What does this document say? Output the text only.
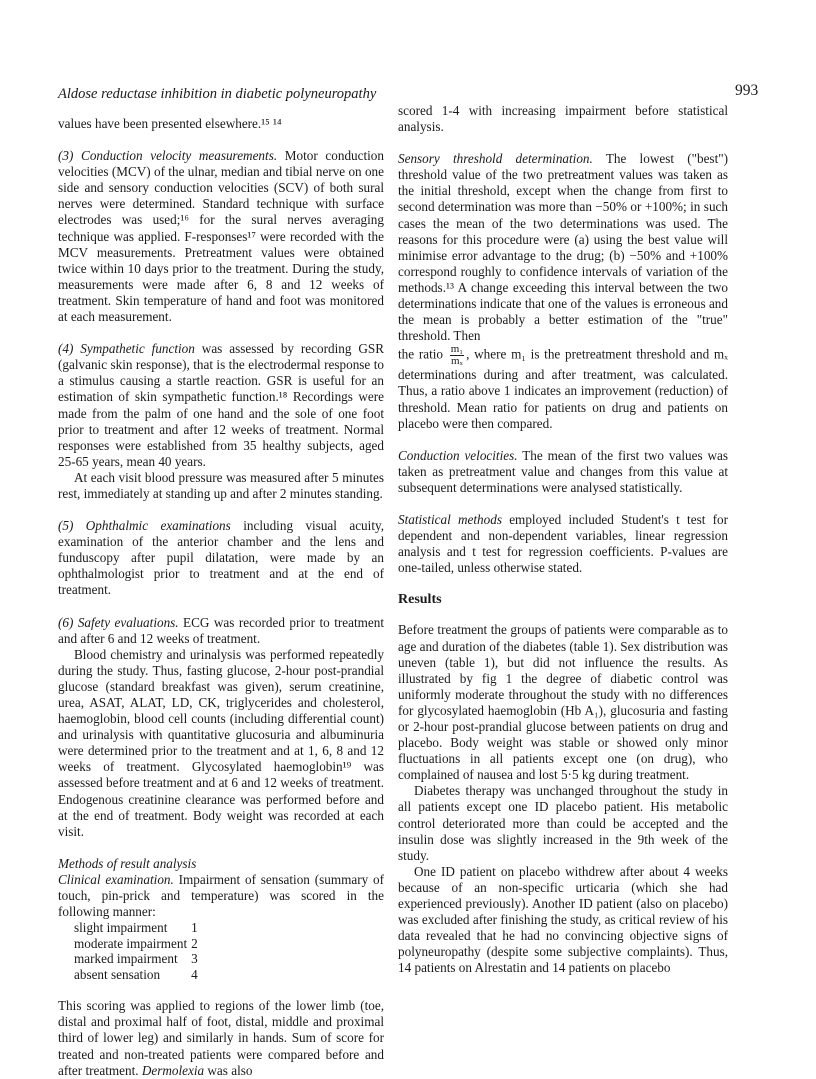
Aldose reductase inhibition in diabetic polyneuropathy	993

values have been presented elsewhere.¹⁵ ¹⁴

(3) Conduction velocity measurements. Motor conduction velocities (MCV) of the ulnar, median and tibial nerve on one side and sensory conduction velocities (SCV) of both sural nerves were determined. Standard technique with surface electrodes was used;¹⁶ for the sural nerves averaging technique was applied. F-responses¹⁷ were recorded with the MCV measurements. Pretreatment values were obtained twice within 10 days prior to the treatment. During the study, measurements were made after 6, 8 and 12 weeks of treatment. Skin temperature of hand and foot was monitored at each measurement.

(4) Sympathetic function was assessed by recording GSR (galvanic skin response), that is the electrodermal response to a stimulus causing a startle reaction. GSR is useful for an estimation of skin sympathetic function.¹⁸ Recordings were made from the palm of one hand and the sole of one foot prior to treatment and after 12 weeks of treatment. Normal responses were established from 35 healthy subjects, aged 25-65 years, mean 40 years.

At each visit blood pressure was measured after 5 minutes rest, immediately at standing up and after 2 minutes standing.

(5) Ophthalmic examinations including visual acuity, examination of the anterior chamber and the lens and funduscopy after pupil dilatation, were made by an ophthalmologist prior to treatment and at the end of treatment.

(6) Safety evaluations. ECG was recorded prior to treatment and after 6 and 12 weeks of treatment.

Blood chemistry and urinalysis was performed repeatedly during the study. Thus, fasting glucose, 2-hour post-prandial glucose (standard breakfast was given), serum creatinine, urea, ASAT, ALAT, LD, CK, triglycerides and cholesterol, haemoglobin, blood cell counts (including differential count) and urinalysis with quantitative glucosuria and albuminuria were determined prior to the treatment and at 1, 6, 8 and 12 weeks of treatment. Glycosylated haemoglobin¹⁹ was assessed before treatment and at 6 and 12 weeks of treatment. Endogenous creatinine clearance was performed before and at the end of treatment. Body weight was recorded at each visit.

Methods of result analysis

Clinical examination. Impairment of sensation (summary of touch, pin-prick and temperature) was scored in the following manner:

slight impairment	1
moderate impairment	2
marked impairment	3
absent sensation	4

This scoring was applied to regions of the lower limb (toe, distal and proximal half of foot, distal, middle and proximal third of lower leg) and similarly in hands. Sum of score for treated and non-treated patients were compared before and after treatment. Dermolexia was also

scored 1-4 with increasing impairment before statistical analysis.

Sensory threshold determination. The lowest ("best") threshold value of the two pretreatment values was taken as the initial threshold, except when the change from first to second determination was more than −50% or +100%; in such cases the mean of the two determinations was used. The reasons for this procedure were (a) using the best value will minimise error advantage to the drug; (b) −50% and +100% correspond roughly to confidence intervals of variation of the methods.¹³ A change exceeding this interval between the two determinations indicate that one of the values is erroneous and the mean is probably a better estimation of the "true" threshold. Then

the ratio $\frac{\text{m₁}}{\text{mₓ}}$ , where m₁ is the pretreatment threshold and mₓ determinations during and after treatment, was calculated. Thus, a ratio above 1 indicates an improvement (reduction) of threshold. Mean ratio for patients on drug and patients on placebo were then compared.

Conduction velocities. The mean of the first two values was taken as pretreatment value and changes from this value at subsequent determinations were analysed statistically.

Statistical methods employed included Student's t test for dependent and non-dependent variables, linear regression analysis and t test for regression coefficients. P-values are one-tailed, unless otherwise stated.

Results

Before treatment the groups of patients were comparable as to age and duration of the diabetes (table 1). Sex distribution was uneven (table 1), but did not influence the results. As illustrated by fig 1 the degree of diabetic control was uniformly moderate throughout the study with no differences for glycosylated haemoglobin (Hb A₁), glucosuria and fasting or 2-hour post-prandial glucose between patients on drug and placebo. Body weight was stable or showed only minor fluctuations in all patients except one (on drug), who complained of nausea and lost 5·5 kg during treatment.

Diabetes therapy was unchanged throughout the study in all patients except one ID placebo patient. His metabolic control deteriorated more than could be accepted and the insulin dose was slightly increased in the 9th week of the study.

One ID patient on placebo withdrew after about 4 weeks because of an non-specific urticaria (which she had experienced previously). Another ID patient (also on placebo) was excluded after finishing the study, as critical review of his data revealed that he had no convincing objective signs of polyneuropathy (despite some subjective complaints). Thus, 14 patients on Alrestatin and 14 patients on placebo
